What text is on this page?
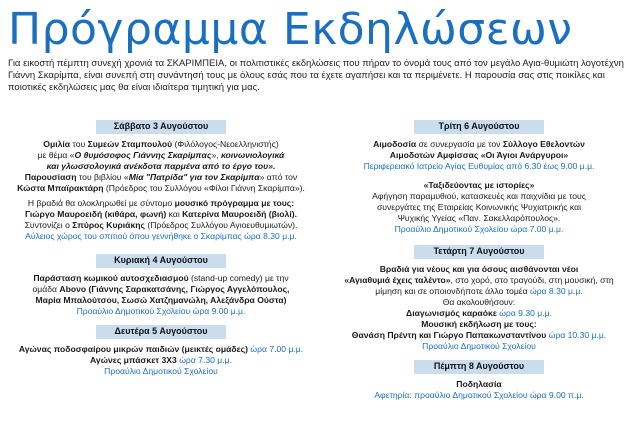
Πρόγραμμα Εκδηλώσεων

Για εικοστή πέμπτη συνεχή χρονιά τα ΣΚΑΡΙΜΠΕΙΑ, οι πολιτιστικές εκδηλώσεις που πήραν το όνομά τους από τον μεγάλο Αγια-θυμιώτη λογοτέχνη Γιάννη Σκαρίμπα, είναι συνεπή στη συνάντησή τους με όλους εσάς που τα έχετε αγαπήσει και τα περιμένετε. Η παρουσία σας στις ποικίλες και ποιοτικές εκδηλώσεις μας θα είναι ιδιαίτερα τιμητική για μας.

Σάββατο 3 Αυγούστου
Ομιλία του Συμεών Σταμπουλού (Φιλόλογος-Νεοελληνιστής)
με θέμα «Ο θυμόσοφος Γιάννης Σκαρίμπας», κοινωνιολογικά
και γλωσσολογικά ανέκδοτα παρμένα από το έργο του».
Παρουσίαση του βιβλίου «Μία "Πατρίδα" για τον Σκαρίμπα» από τον
Κώστα Μπαϊρακτάρη (Πρόεδρος του Συλλόγου «Φίλοι Γιάννη Σκαρίμπα»).
Η βραδιά θα ολοκληρωθεί με σύντομο μουσικό πρόγραμμα με τους:
Γιώργο Μαυροειδή (κιθάρα, φωνή) και Κατερίνα Μαυροειδή (βιολί).
Συντονίζει ο Σπύρος Κυριάκης (Πρόεδρος Συλλόγου Αγιοευθυμιωτών).
Αύλειος χώρος του σπιτιού όπου γεννήθηκε ο Σκαρίμπας ώρα 8.30 μ.μ.
Κυριακή 4 Αυγούστου
Παράσταση κωμικού αυτοσχεδιασμού (stand-up comedy) με την
ομάδα Αbονο (Γιάννης Σαρακατσάνης, Γιώργος Αγγελόπουλος,
Μαρία Μπαλούτσου, Σωσώ Χατζημανώλη, Αλεξάνδρα Ούστα)
Προαύλιο Δημοτικού Σχολείου ώρα 9.00 μ.μ.
Δευτέρα 5 Αυγούστου
Αγώνας ποδοσφαίρου μικρών παιδιών (μεικτές ομάδες) ώρα 7.00 μ.μ.
Αγώνες μπάσκετ 3Χ3 ώρα 7.30 μ.μ.
Προαύλιο Δημοτικού Σχολείου
Τρίτη 6 Αυγούστου
Αιμοδοσία σε συνεργασία με τον Σύλλογο Εθελοντών
Αιμοδοτών Αμφίσσας «Οι Άγιοι Ανάργυροι»
Περιφερειακό Ιατρείο Αγίας Ευθυμίας από 6.30 έως 9.00 μ.μ.
«Ταξιδεύοντας με ιστορίες»
Αφήγηση παραμυθιού, κατασκευές και παιχνίδια με τους
συνεργάτες της Εταιρείας Κοινωνικής Ψυχιατρικής και
Ψυχικής Υγείας «Παν. Σακελλαρόπουλος».
Προαύλιο Δημοτικού Σχολείου ώρα 7.00 μ.μ.
Τετάρτη 7 Αυγούστου
Βραδιά για νέους και για όσους αισθάνονται νέοι
«Αγιαθυμιά έχεις ταλέντο», στο χορό, στο τραγούδι, στη μουσική, στη
μίμηση και σε οποιονδήποτε άλλο τομέα ώρα 8.30 μ.μ.
Θα ακολουθήσουν:
Διαγωνισμός καραόκε ώρα 9.30 μ.μ.
Μουσική εκδήλωση με τους:
Θανάση Πρέντη και Γιώργο Παπακωνσταντίνου ώρα 10.30 μ.μ.
Προαύλιο Δημοτικού Σχολείου
Πέμπτη 8 Αυγούστου
Ποδηλασία
Αφετηρία: προαύλιο Δημοτικού Σχολείου ώρα 9.00 π.μ.
